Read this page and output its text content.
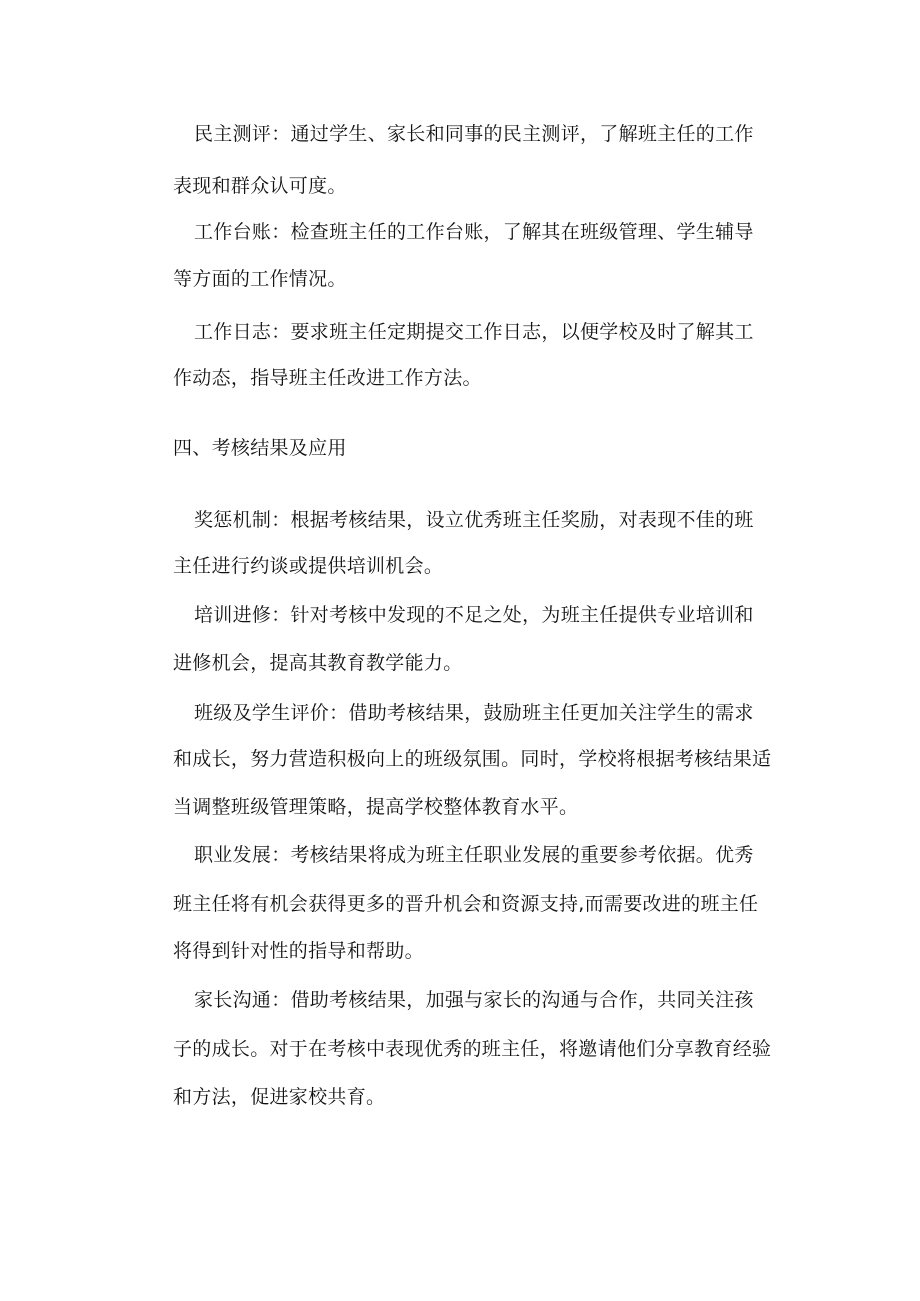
民主测评：通过学生、家长和同事的民主测评，了解班主任的工作
表现和群众认可度。
工作台账：检查班主任的工作台账，了解其在班级管理、学生辅导
等方面的工作情况。
工作日志：要求班主任定期提交工作日志，以便学校及时了解其工
作动态，指导班主任改进工作方法。
四、考核结果及应用
奖惩机制：根据考核结果，设立优秀班主任奖励，对表现不佳的班
主任进行约谈或提供培训机会。
培训进修：针对考核中发现的不足之处，为班主任提供专业培训和
进修机会，提高其教育教学能力。
班级及学生评价：借助考核结果，鼓励班主任更加关注学生的需求
和成长，努力营造积极向上的班级氛围。同时，学校将根据考核结果适
当调整班级管理策略，提高学校整体教育水平。
职业发展：考核结果将成为班主任职业发展的重要参考依据。优秀
班主任将有机会获得更多的晋升机会和资源支持,而需要改进的班主任
将得到针对性的指导和帮助。
家长沟通：借助考核结果，加强与家长的沟通与合作，共同关注孩
子的成长。对于在考核中表现优秀的班主任，将邀请他们分享教育经验
和方法，促进家校共育。
